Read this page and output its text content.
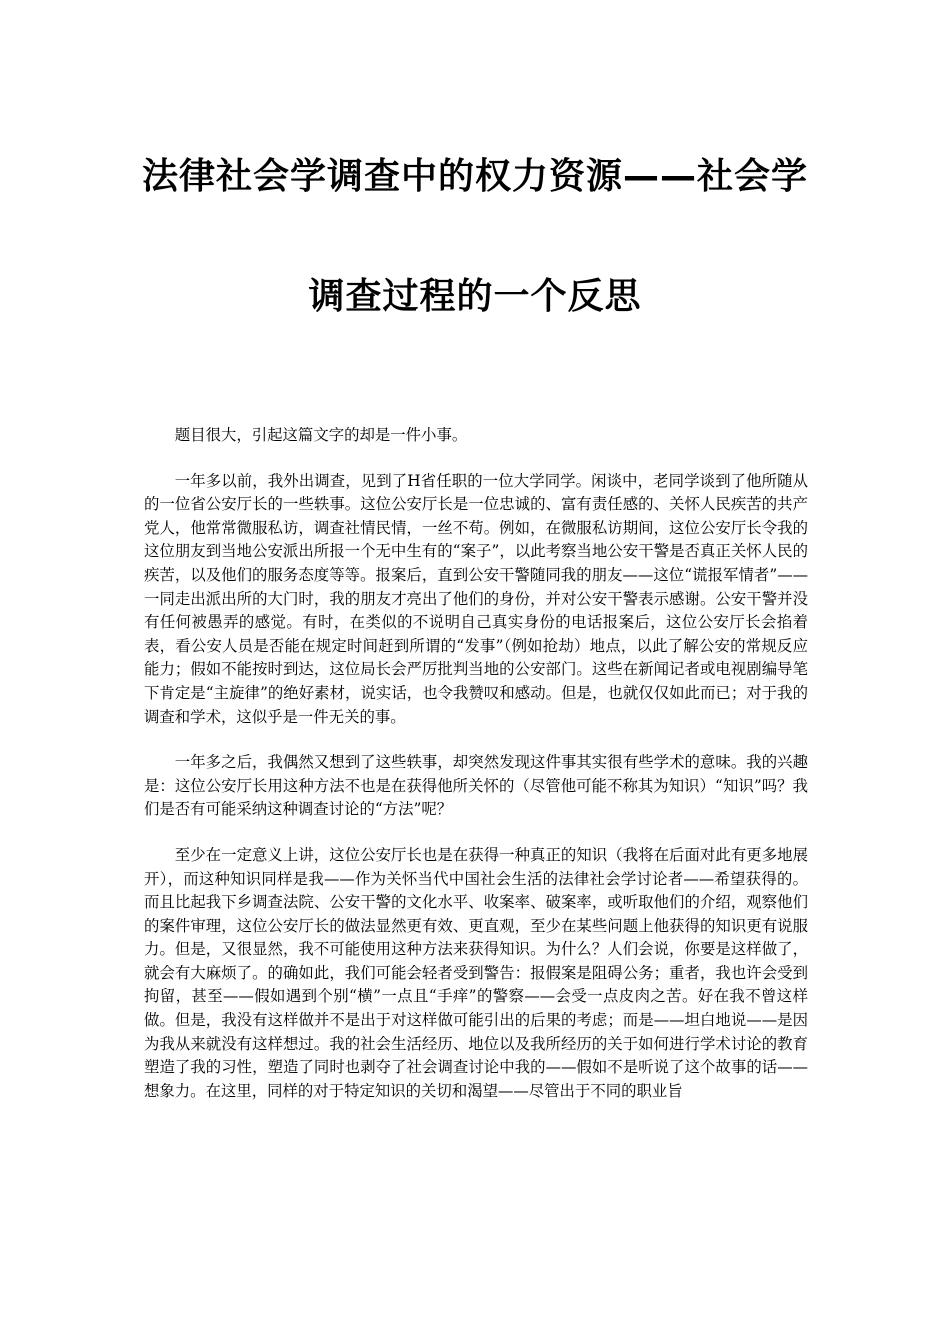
法律社会学调查中的权力资源——社会学
调查过程的一个反思

题目很大，引起这篇文字的却是一件小事。

一年多以前，我外出调查，见到了H省任职的一位大学同学。闲谈中，老同学谈到了他所随从的一位省公安厅长的一些轶事。这位公安厅长是一位忠诚的、富有责任感的、关怀人民疾苦的共产党人，他常常微服私访，调查社情民情，一丝不苟。例如，在微服私访期间，这位公安厅长令我的这位朋友到当地公安派出所报一个无中生有的“案子”，以此考察当地公安干警是否真正关怀人民的疾苦，以及他们的服务态度等等。报案后，直到公安干警随同我的朋友——这位“谎报军情者”——一同走出派出所的大门时，我的朋友才亮出了他们的身份，并对公安干警表示感谢。公安干警并没有任何被愚弄的感觉。有时，在类似的不说明自己真实身份的电话报案后，这位公安厅长会掐着表，看公安人员是否能在规定时间赶到所谓的“发事”（例如抢劫）地点，以此了解公安的常规反应能力；假如不能按时到达，这位局长会严厉批判当地的公安部门。这些在新闻记者或电视剧编导笔下肯定是“主旋律”的绝好素材，说实话，也令我赞叹和感动。但是，也就仅仅如此而已；对于我的调查和学术，这似乎是一件无关的事。

一年多之后，我偶然又想到了这些轶事，却突然发现这件事其实很有些学术的意味。我的兴趣是：这位公安厅长用这种方法不也是在获得他所关怀的（尽管他可能不称其为知识）“知识”吗？我们是否有可能采纳这种调查讨论的“方法”呢？

至少在一定意义上讲，这位公安厅长也是在获得一种真正的知识（我将在后面对此有更多地展开），而这种知识同样是我——作为关怀当代中国社会生活的法律社会学讨论者——希望获得的。而且比起我下乡调查法院、公安干警的文化水平、收案率、破案率，或听取他们的介绍，观察他们的案件审理，这位公安厅长的做法显然更有效、更直观，至少在某些问题上他获得的知识更有说服力。但是，又很显然，我不可能使用这种方法来获得知识。为什么？人们会说，你要是这样做了，就会有大麻烦了。的确如此，我们可能会轻者受到警告：报假案是阻碍公务；重者，我也许会受到拘留，甚至——假如遇到个别“横”一点且“手痒”的警察——会受一点皮肉之苦。好在我不曾这样做。但是，我没有这样做并不是出于对这样做可能引出的后果的考虑；而是——坦白地说——是因为我从来就没有这样想过。我的社会生活经历、地位以及我所经历的关于如何进行学术讨论的教育塑造了我的习性，塑造了同时也剥夺了社会调查讨论中我的——假如不是听说了这个故事的话——想象力。在这里，同样的对于特定知识的关切和渴望——尽管出于不同的职业旨
